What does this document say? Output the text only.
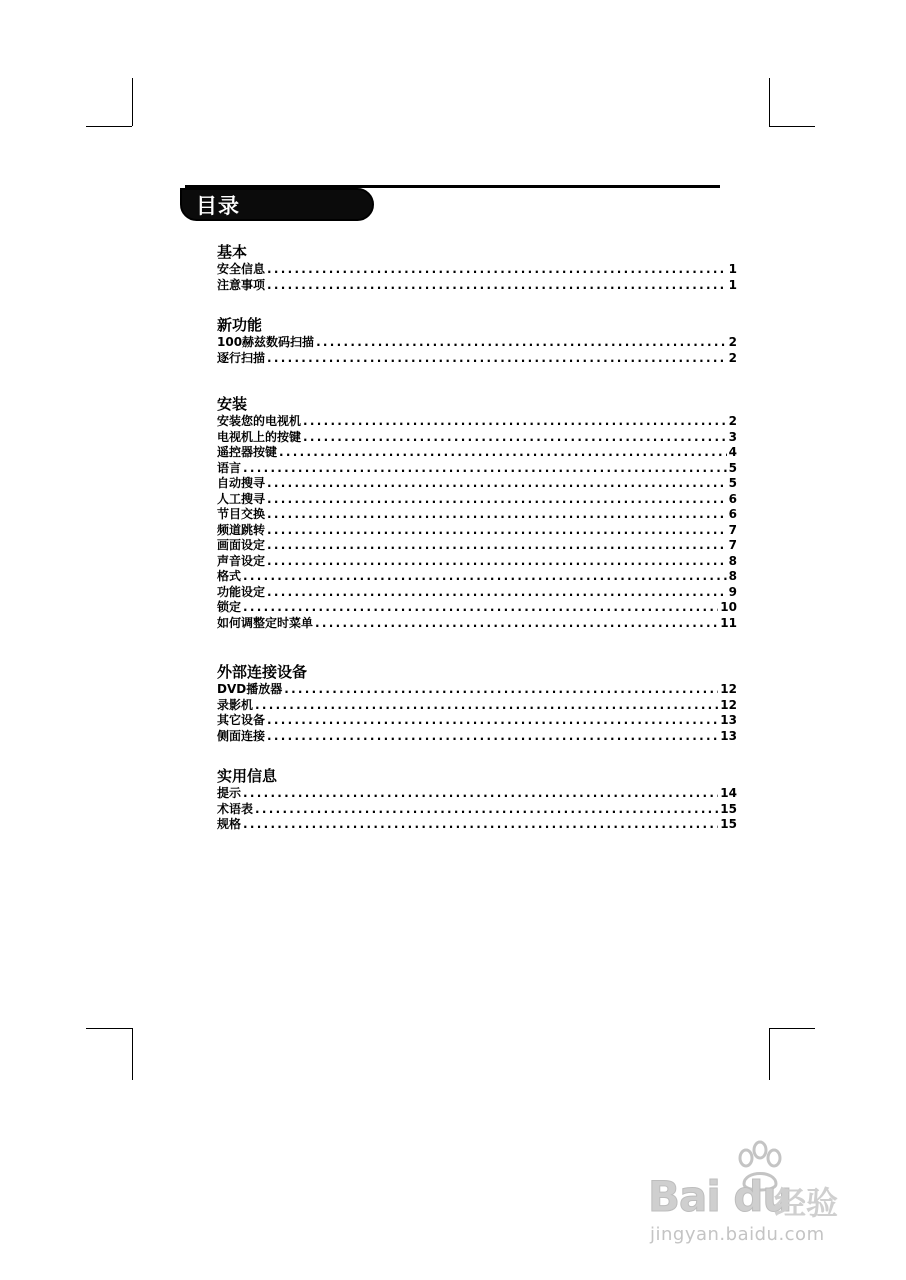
目录
基本
安全信息 .....	1
注意事项 .....	1
新功能
100赫兹数码扫描 .....	2
逐行扫描 .....	2
安装
安装您的电视机 .....	2
电视机上的按键 .....	3
遥控器按键 .....	4
语言 .....	5
自动搜寻 .....	5
人工搜寻 .....	6
节目交换 .....	6
频道跳转 .....	7
画面设定 .....	7
声音设定 .....	8
格式 .....	8
功能设定 .....	9
锁定 .....	10
如何调整定时菜单 .....	11
外部连接设备
DVD播放器 .....	12
录影机 .....	12
其它设备 .....	13
侧面连接 .....	13
实用信息
提示 .....	14
术语表 .....	15
规格 .....	15
Bai du
经验
jingyan.baidu.com
